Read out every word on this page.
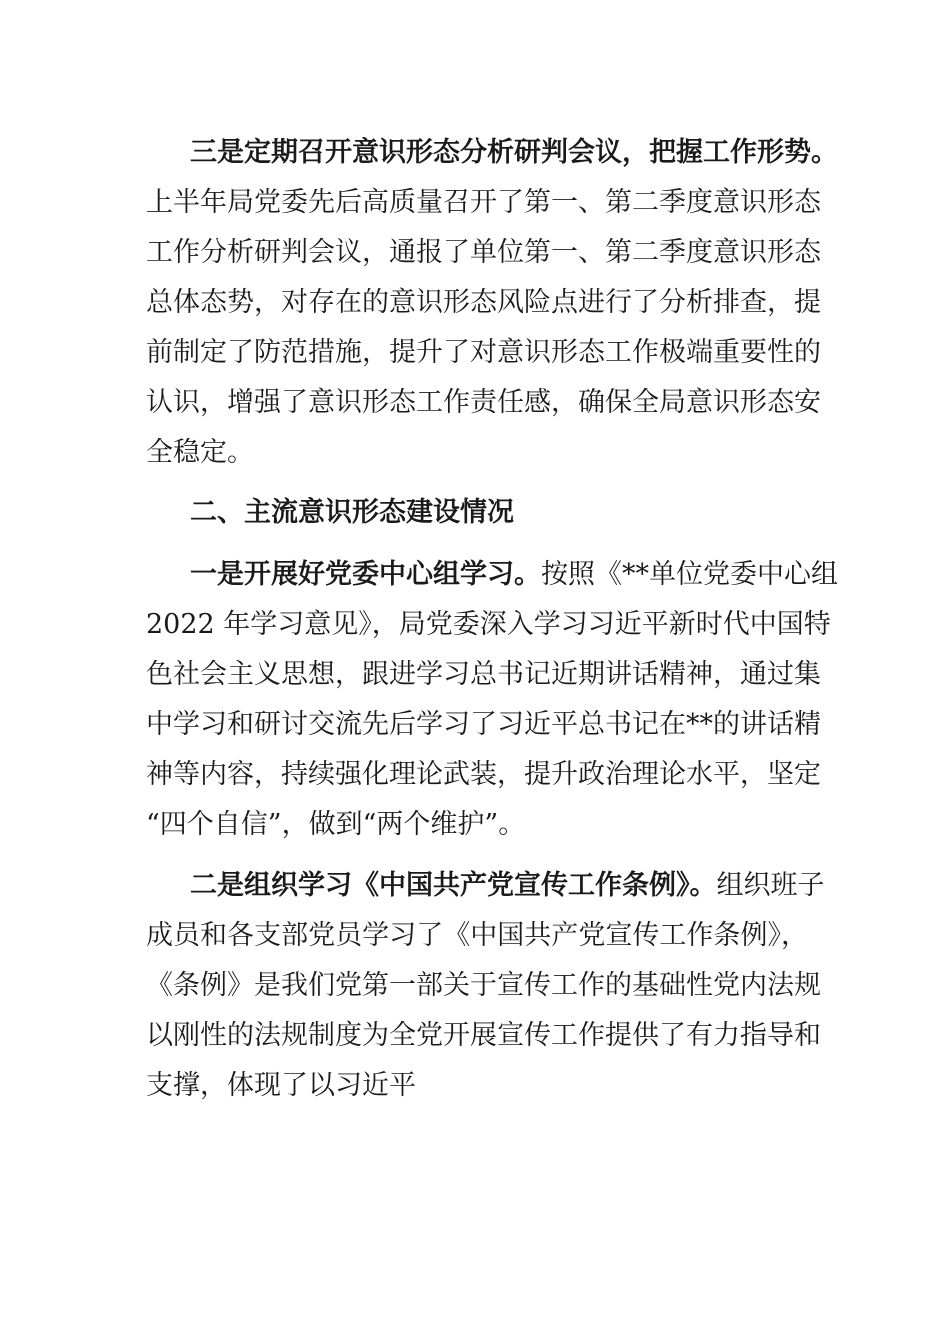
三是定期召开意识形态分析研判会议，把握工作形势。
上半年局党委先后高质量召开了第一、第二季度意识形态
工作分析研判会议，通报了单位第一、第二季度意识形态
总体态势，对存在的意识形态风险点进行了分析排查，提
前制定了防范措施，提升了对意识形态工作极端重要性的
认识，增强了意识形态工作责任感，确保全局意识形态安
全稳定。
二、主流意识形态建设情况
一是开展好党委中心组学习。按照《**单位党委中心组
2022 年学习意见》，局党委深入学习习近平新时代中国特
色社会主义思想，跟进学习总书记近期讲话精神，通过集
中学习和研讨交流先后学习了习近平总书记在**的讲话精
神等内容，持续强化理论武装，提升政治理论水平，坚定
“四个自信”，做到“两个维护”。
二是组织学习《中国共产党宣传工作条例》。组织班子
成员和各支部党员学习了《中国共产党宣传工作条例》，
《条例》是我们党第一部关于宣传工作的基础性党内法规
以刚性的法规制度为全党开展宣传工作提供了有力指导和
支撑，体现了以习近平
